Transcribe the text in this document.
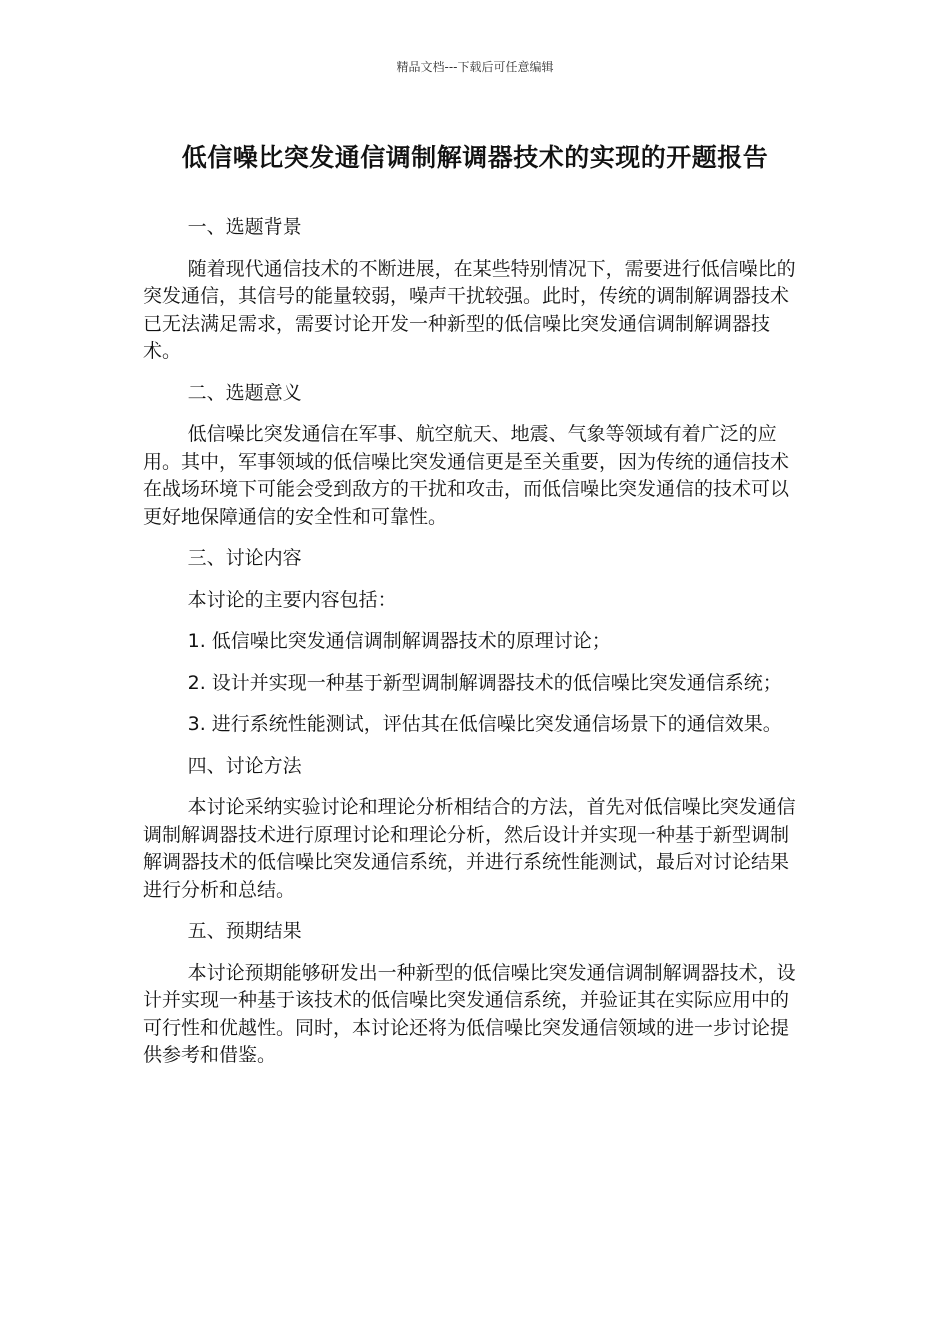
精品文档---下载后可任意编辑
低信噪比突发通信调制解调器技术的实现的开题报告
一、选题背景
随着现代通信技术的不断进展，在某些特别情况下，需要进行低信噪比的突发通信，其信号的能量较弱，噪声干扰较强。此时，传统的调制解调器技术已无法满足需求，需要讨论开发一种新型的低信噪比突发通信调制解调器技术。
二、选题意义
低信噪比突发通信在军事、航空航天、地震、气象等领域有着广泛的应用。其中，军事领域的低信噪比突发通信更是至关重要，因为传统的通信技术在战场环境下可能会受到敌方的干扰和攻击，而低信噪比突发通信的技术可以更好地保障通信的安全性和可靠性。
三、讨论内容
本讨论的主要内容包括：
1. 低信噪比突发通信调制解调器技术的原理讨论；
2. 设计并实现一种基于新型调制解调器技术的低信噪比突发通信系统；
3. 进行系统性能测试，评估其在低信噪比突发通信场景下的通信效果。
四、讨论方法
本讨论采纳实验讨论和理论分析相结合的方法，首先对低信噪比突发通信调制解调器技术进行原理讨论和理论分析，然后设计并实现一种基于新型调制解调器技术的低信噪比突发通信系统，并进行系统性能测试，最后对讨论结果进行分析和总结。
五、预期结果
本讨论预期能够研发出一种新型的低信噪比突发通信调制解调器技术，设计并实现一种基于该技术的低信噪比突发通信系统，并验证其在实际应用中的可行性和优越性。同时，本讨论还将为低信噪比突发通信领域的进一步讨论提供参考和借鉴。
